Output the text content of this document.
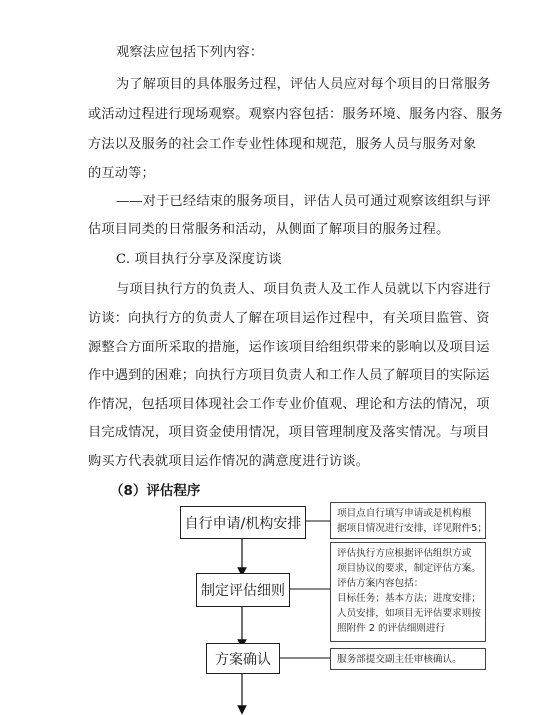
观察法应包括下列内容：
为了解项目的具体服务过程，评估人员应对每个项目的日常服务
或活动过程进行现场观察。观察内容包括：服务环境、服务内容、服务
方法以及服务的社会工作专业性体现和规范，服务人员与服务对象
的互动等；
——对于已经结束的服务项目，评估人员可通过观察该组织与评
估项目同类的日常服务和活动，从侧面了解项目的服务过程。
C. 项目执行分享及深度访谈
与项目执行方的负责人、项目负责人及工作人员就以下内容进行
访谈：向执行方的负责人了解在项目运作过程中，有关项目监管、资
源整合方面所采取的措施，运作该项目给组织带来的影响以及项目运
作中遇到的困难；向执行方项目负责人和工作人员了解项目的实际运
作情况，包括项目体现社会工作专业价值观、理论和方法的情况，项
目完成情况，项目资金使用情况，项目管理制度及落实情况。与项目
购买方代表就项目运作情况的满意度进行访谈。
（8）评估程序
自行申请/机构安排
制定评估细则
方案确认
项目点自行填写申请或是机构根
据项目情况进行安排，详见附件5；
评估执行方应根据评估组织方或
项目协议的要求，制定评估方案。
评估方案内容包括：
目标任务；基本方法；进度安排；
人员安排，如项目无评估要求则按
照附件 2 的评估细则进行
服务部提交副主任审核确认。
